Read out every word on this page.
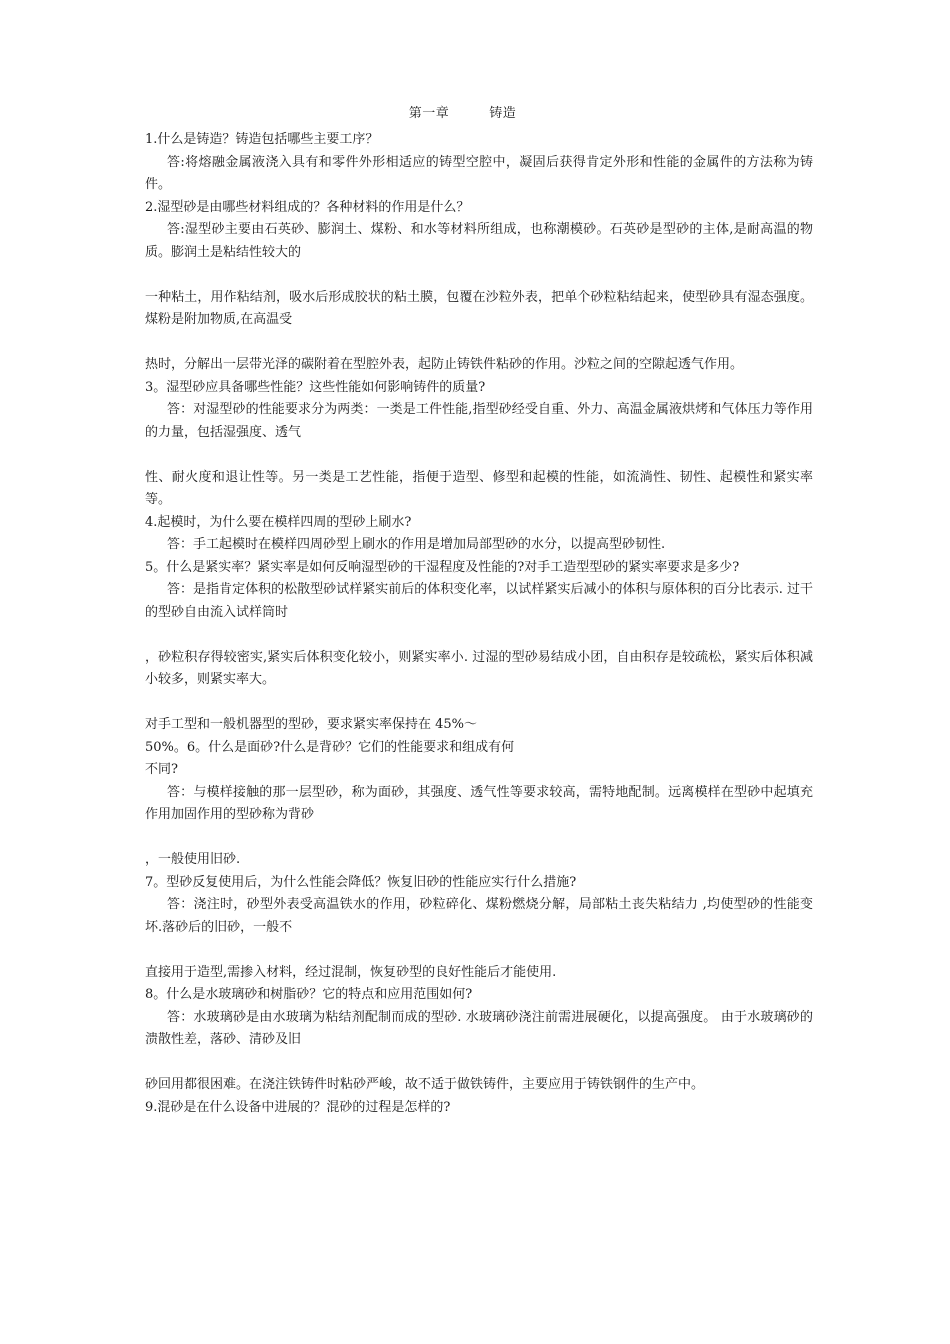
第一章	铸造

1.什么是铸造？铸造包括哪些主要工序？

答:将熔融金属液浇入具有和零件外形相适应的铸型空腔中，凝固后获得肯定外形和性能的金属件的方法称为铸件。

2.湿型砂是由哪些材料组成的？各种材料的作用是什么？

答:湿型砂主要由石英砂、膨润土、煤粉、和水等材料所组成，也称潮模砂。石英砂是型砂的主体,是耐高温的物质。膨润土是粘结性较大的

一种粘土，用作粘结剂，吸水后形成胶状的粘土膜，包覆在沙粒外表，把单个砂粒粘结起来，使型砂具有湿态强度。煤粉是附加物质,在高温受

热时，分解出一层带光泽的碳附着在型腔外表，起防止铸铁件粘砂的作用。沙粒之间的空隙起透气作用。

3。湿型砂应具备哪些性能？这些性能如何影响铸件的质量?

答：对湿型砂的性能要求分为两类：一类是工件性能,指型砂经受自重、外力、高温金属液烘烤和气体压力等作用的力量，包括湿强度、透气

性、耐火度和退让性等。另一类是工艺性能，指便于造型、修型和起模的性能，如流淌性、韧性、起模性和紧实率等。

4.起模时，为什么要在模样四周的型砂上刷水?

答：手工起模时在模样四周砂型上刷水的作用是增加局部型砂的水分，以提高型砂韧性.

5。什么是紧实率？紧实率是如何反响湿型砂的干湿程度及性能的?对手工造型型砂的紧实率要求是多少?

答：是指肯定体积的松散型砂试样紧实前后的体积变化率，以试样紧实后减小的体积与原体积的百分比表示. 过干的型砂自由流入试样筒时

，砂粒积存得较密实,紧实后体积变化较小，则紧实率小. 过湿的型砂易结成小团，自由积存是较疏松，紧实后体积减小较多，则紧实率大。

对手工型和一般机器型的型砂，要求紧实率保持在 45%～

50%。6。什么是面砂?什么是背砂？它们的性能要求和组成有何

不同?

答：与模样接触的那一层型砂，称为面砂，其强度、透气性等要求较高，需特地配制。远离模样在型砂中起填充作用加固作用的型砂称为背砂

，一般使用旧砂.

7。型砂反复使用后，为什么性能会降低？恢复旧砂的性能应实行什么措施?

答：浇注时，砂型外表受高温铁水的作用，砂粒碎化、煤粉燃烧分解，局部粘土丧失粘结力 ,均使型砂的性能变坏.落砂后的旧砂，一般不

直接用于造型,需掺入材料，经过混制，恢复砂型的良好性能后才能使用.

8。什么是水玻璃砂和树脂砂？它的特点和应用范围如何?

答：水玻璃砂是由水玻璃为粘结剂配制而成的型砂. 水玻璃砂浇注前需进展硬化，以提高强度。 由于水玻璃砂的溃散性差，落砂、清砂及旧

砂回用都很困难。在浇注铁铸件时粘砂严峻，故不适于做铁铸件，主要应用于铸铁钢件的生产中。

9.混砂是在什么设备中进展的？混砂的过程是怎样的?
